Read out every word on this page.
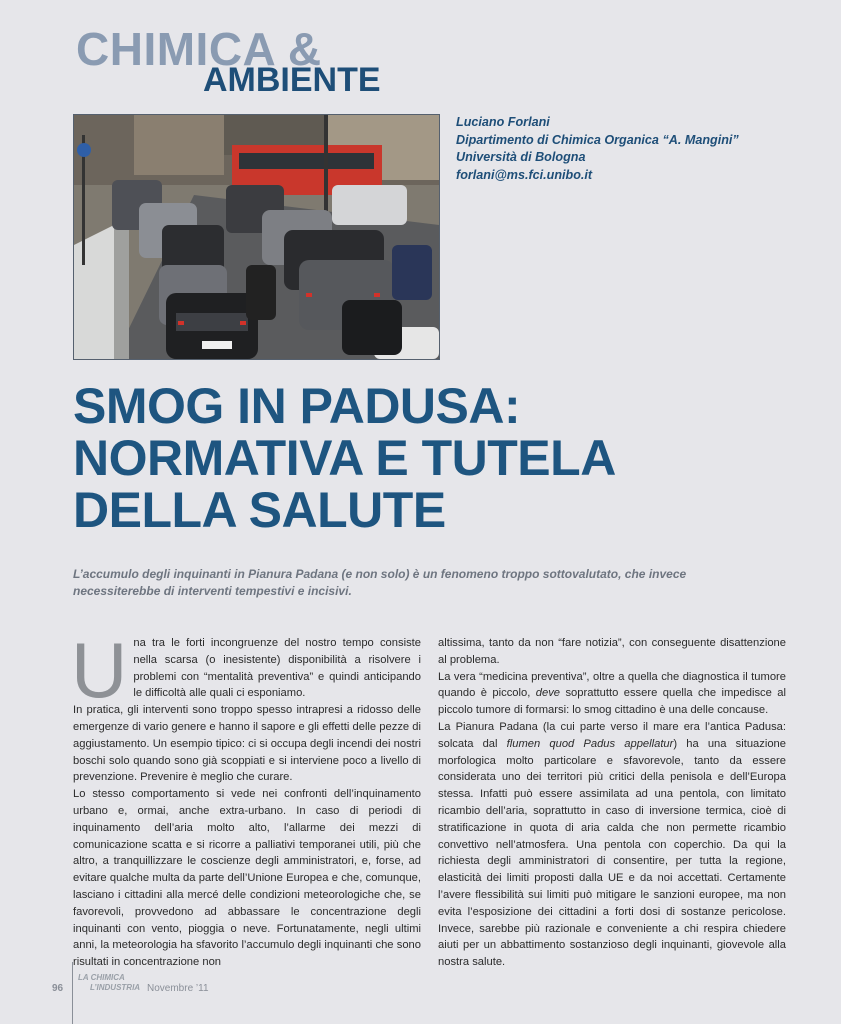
CHIMICA &
AMBIENTE
Luciano Forlani
Dipartimento di Chimica Organica “A. Mangini”
Università di Bologna
forlani@ms.fci.unibo.it
SMOG IN PADUSA:
NORMATIVA E TUTELA
DELLA SALUTE
L’accumulo degli inquinanti in Pianura Padana (e non solo) è un fenomeno troppo sottovalutato, che invece necessiterebbe di interventi tempestivi e incisivi.

Una tra le forti incongruenze del nostro tempo consiste nella scarsa (o inesistente) disponibilità a risolvere i problemi con “mentalità preventiva” e quindi anticipando le difficoltà alle quali ci esponiamo.

In pratica, gli interventi sono troppo spesso intrapresi a ridosso delle emergenze di vario genere e hanno il sapore e gli effetti delle pezze di aggiustamento. Un esempio tipico: ci si occupa degli incendi dei nostri boschi solo quando sono già scoppiati e si interviene poco a livello di prevenzione. Prevenire è meglio che curare.

Lo stesso comportamento si vede nei confronti dell’inquinamento urbano e, ormai, anche extra-urbano. In caso di periodi di inquinamento dell’aria molto alto, l’allarme dei mezzi di comunicazione scatta e si ricorre a palliativi temporanei utili, più che altro, a tranquillizzare le coscienze degli amministratori, e, forse, ad evitare qualche multa da parte dell’Unione Europea e che, comunque, lasciano i cittadini alla mercé delle condizioni meteorologiche che, se favorevoli, provvedono ad abbassare le concentrazione degli inquinanti con vento, pioggia o neve. Fortunatamente, negli ultimi anni, la meteorologia ha sfavorito l’accumulo degli inquinanti che sono risultati in concentrazione non

altissima, tanto da non “fare notizia”, con conseguente disattenzione al problema.

La vera “medicina preventiva”, oltre a quella che diagnostica il tumore quando è piccolo, deve soprattutto essere quella che impedisce al piccolo tumore di formarsi: lo smog cittadino è una delle concause.

La Pianura Padana (la cui parte verso il mare era l’antica Padusa: solcata dal flumen quod Padus appellatur) ha una situazione morfologica molto particolare e sfavorevole, tanto da essere considerata uno dei territori più critici della penisola e dell’Europa stessa. Infatti può essere assimilata ad una pentola, con limitato ricambio dell’aria, soprattutto in caso di inversione termica, cioè di stratificazione in quota di aria calda che non permette ricambio convettivo nell’atmosfera. Una pentola con coperchio. Da qui la richiesta degli amministratori di consentire, per tutta la regione, elasticità dei limiti proposti dalla UE e da noi accettati. Certamente l’avere flessibilità sui limiti può mitigare le sanzioni europee, ma non evita l’esposizione dei cittadini a forti dosi di sostanze pericolose. Invece, sarebbe più razionale e conveniente a chi respira chiedere aiuti per un abbattimento sostanzioso degli inquinanti, giovevole alla nostra salute.

96
LA CHIMICA
L’INDUSTRIA Novembre ’11
